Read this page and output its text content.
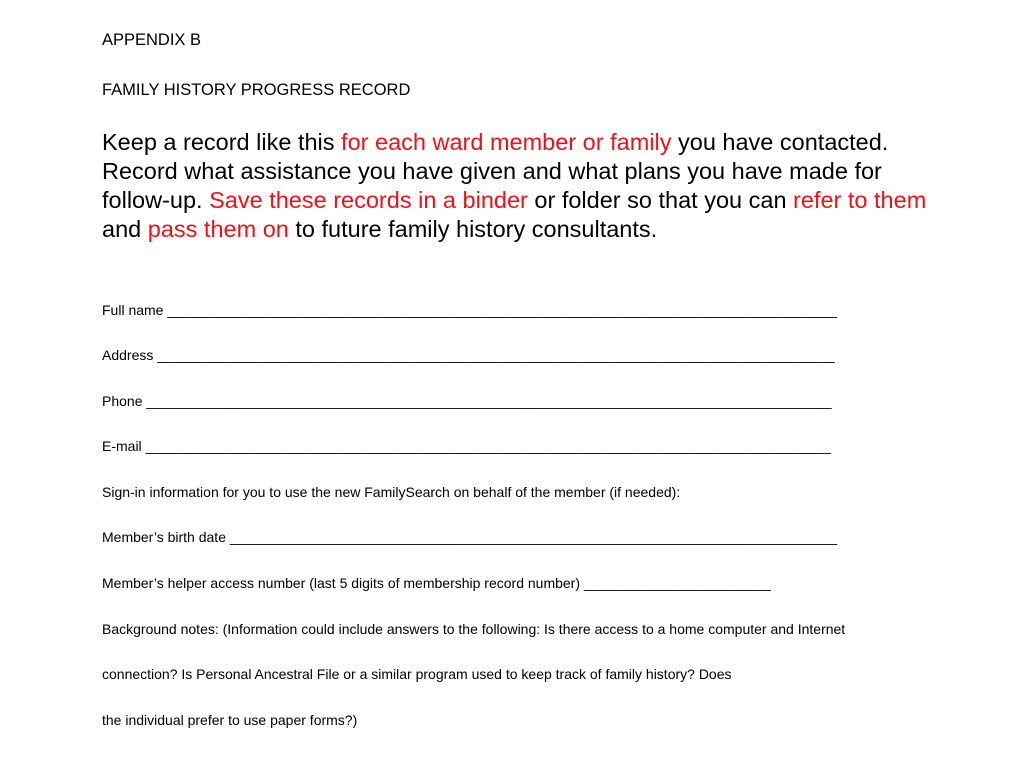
APPENDIX B
FAMILY HISTORY PROGRESS RECORD
Keep a record like this for each ward member or family you have contacted. Record what assistance you have given and what plans you have made for follow-up. Save these records in a binder or folder so that you can refer to them and pass them on to future family history consultants.
Full name ______________________________________________________________________________________
Address _______________________________________________________________________________________
Phone ________________________________________________________________________________________
E-mail ________________________________________________________________________________________
Sign-in information for you to use the new FamilySearch on behalf of the member (if needed):
Member’s birth date ______________________________________________________________________________
Member’s helper access number (last 5 digits of membership record number) ________________________
Background notes: (Information could include answers to the following: Is there access to a home computer and Internet
connection? Is Personal Ancestral File or a similar program used to keep track of family history? Does
the individual prefer to use paper forms?)
